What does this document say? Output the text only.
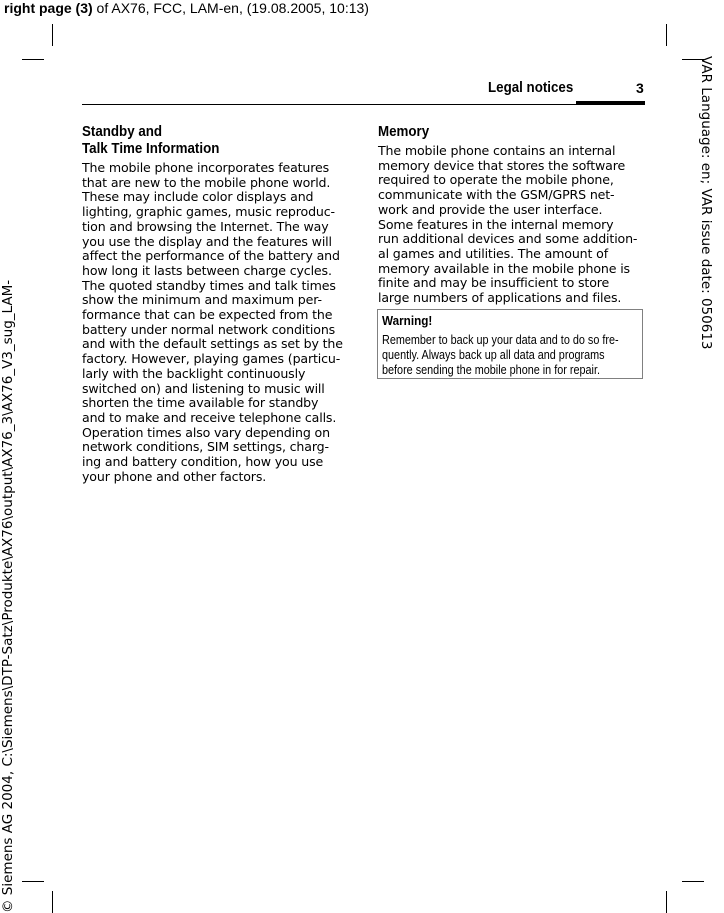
right page (3) of AX76, FCC, LAM-en, (19.08.2005, 10:13)
VAR Language: en; VAR issue date: 050613
© Siemens AG 2004, C:\Siemens\DTP-Satz\Produkte\AX76\output\AX76_3\AX76_V3_sug_LAM-
Legal notices	3
Standby and
Talk Time Information
The mobile phone incorporates features
that are new to the mobile phone world.
These may include color displays and
lighting, graphic games, music reproduc-
tion and browsing the Internet. The way
you use the display and the features will
affect the performance of the battery and
how long it lasts between charge cycles.
The quoted standby times and talk times
show the minimum and maximum per-
formance that can be expected from the
battery under normal network conditions
and with the default settings as set by the
factory. However, playing games (particu-
larly with the backlight continuously
switched on) and listening to music will
shorten the time available for standby
and to make and receive telephone calls.
Operation times also vary depending on
network conditions, SIM settings, charg-
ing and battery condition, how you use
your phone and other factors.
Memory
The mobile phone contains an internal
memory device that stores the software
required to operate the mobile phone,
communicate with the GSM/GPRS net-
work and provide the user interface.
Some features in the internal memory
run additional devices and some addition-
al games and utilities. The amount of
memory available in the mobile phone is
finite and may be insufficient to store
large numbers of applications and files.
Warning!
Remember to back up your data and to do so fre-
quently. Always back up all data and programs
before sending the mobile phone in for repair.
